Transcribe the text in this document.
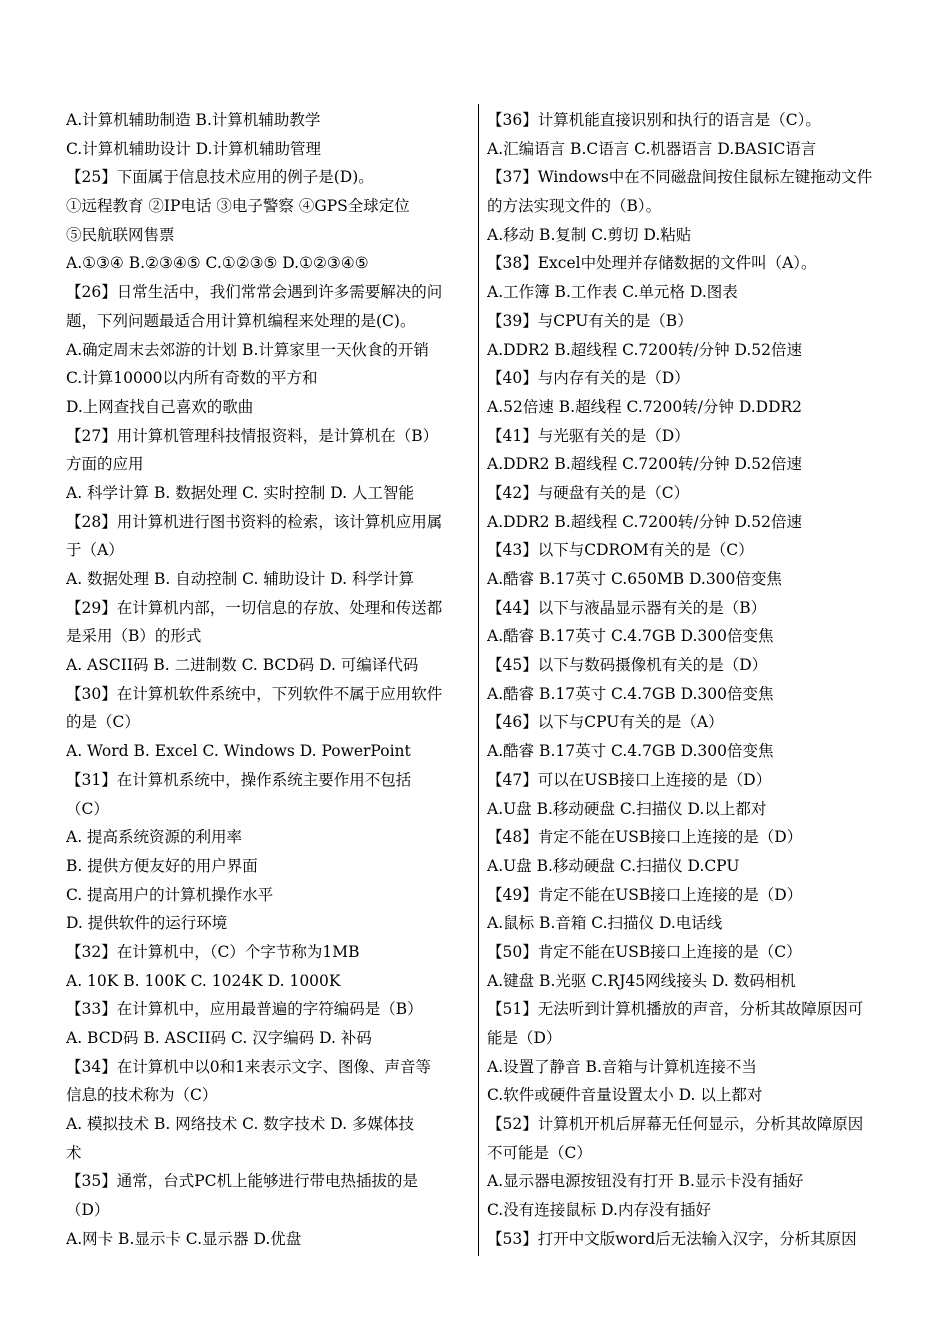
A.计算机辅助制造 B.计算机辅助教学
C.计算机辅助设计 D.计算机辅助管理
【25】下面属于信息技术应用的例子是(D)。
①远程教育 ②IP电话 ③电子警察 ④GPS全球定位
⑤民航联网售票
A.①③④ B.②③④⑤ C.①②③⑤ D.①②③④⑤
【26】日常生活中，我们常常会遇到许多需要解决的问
题，下列问题最适合用计算机编程来处理的是(C)。
A.确定周末去郊游的计划 B.计算家里一天伙食的开销
C.计算10000以内所有奇数的平方和
D.上网查找自己喜欢的歌曲
【27】用计算机管理科技情报资料，是计算机在（B）
方面的应用
A. 科学计算 B. 数据处理 C. 实时控制 D. 人工智能
【28】用计算机进行图书资料的检索，该计算机应用属
于（A）
A. 数据处理 B. 自动控制 C. 辅助设计 D. 科学计算
【29】在计算机内部，一切信息的存放、处理和传送都
是采用（B）的形式
A. ASCII码 B. 二进制数 C. BCD码 D. 可编译代码
【30】在计算机软件系统中，下列软件不属于应用软件
的是（C）
A. Word B. Excel C. Windows D. PowerPoint
【31】在计算机系统中，操作系统主要作用不包括
（C）
A. 提高系统资源的利用率
B. 提供方便友好的用户界面
C. 提高用户的计算机操作水平
D. 提供软件的运行环境
【32】在计算机中，（C）个字节称为1MB
A. 10K B. 100K C. 1024K D. 1000K
【33】在计算机中，应用最普遍的字符编码是（B）
A. BCD码 B. ASCII码 C. 汉字编码 D. 补码
【34】在计算机中以0和1来表示文字、图像、声音等
信息的技术称为（C）
A. 模拟技术 B. 网络技术 C. 数字技术 D. 多媒体技
术
【35】通常，台式PC机上能够进行带电热插拔的是
（D）
A.网卡 B.显示卡 C.显示器 D.优盘
【36】计算机能直接识别和执行的语言是（C）。
A.汇编语言 B.C语言 C.机器语言 D.BASIC语言
【37】Windows中在不同磁盘间按住鼠标左键拖动文件
的方法实现文件的（B）。
A.移动 B.复制 C.剪切 D.粘贴
【38】Excel中处理并存储数据的文件叫（A）。
A.工作簿 B.工作表 C.单元格 D.图表
【39】与CPU有关的是（B）
A.DDR2 B.超线程 C.7200转/分钟 D.52倍速
【40】与内存有关的是（D）
A.52倍速 B.超线程 C.7200转/分钟 D.DDR2
【41】与光驱有关的是（D）
A.DDR2 B.超线程 C.7200转/分钟 D.52倍速
【42】与硬盘有关的是（C）
A.DDR2 B.超线程 C.7200转/分钟 D.52倍速
【43】以下与CDROM有关的是（C）
A.酷睿 B.17英寸 C.650MB D.300倍变焦
【44】以下与液晶显示器有关的是（B）
A.酷睿 B.17英寸 C.4.7GB D.300倍变焦
【45】以下与数码摄像机有关的是（D）
A.酷睿 B.17英寸 C.4.7GB D.300倍变焦
【46】以下与CPU有关的是（A）
A.酷睿 B.17英寸 C.4.7GB D.300倍变焦
【47】可以在USB接口上连接的是（D）
A.U盘 B.移动硬盘 C.扫描仪 D.以上都对
【48】肯定不能在USB接口上连接的是（D）
A.U盘 B.移动硬盘 C.扫描仪 D.CPU
【49】肯定不能在USB接口上连接的是（D）
A.鼠标 B.音箱 C.扫描仪 D.电话线
【50】肯定不能在USB接口上连接的是（C）
A.键盘 B.光驱 C.RJ45网线接头 D. 数码相机
【51】无法听到计算机播放的声音，分析其故障原因可
能是（D）
A.设置了静音 B.音箱与计算机连接不当
C.软件或硬件音量设置太小 D. 以上都对
【52】计算机开机后屏幕无任何显示，分析其故障原因
不可能是（C）
A.显示器电源按钮没有打开 B.显示卡没有插好
C.没有连接鼠标 D.内存没有插好
【53】打开中文版word后无法输入汉字，分析其原因
